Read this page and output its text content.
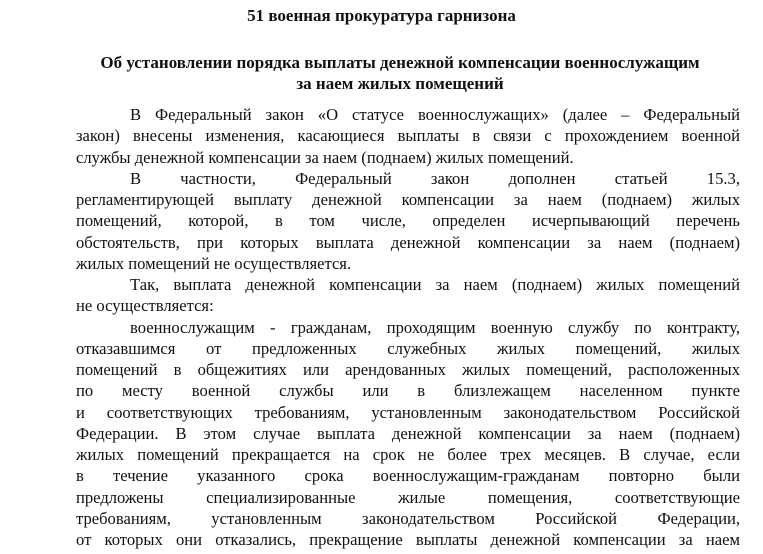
51 военная прокуратура гарнизона
Об установлении порядка выплаты денежной компенсации военнослужащим
за наем жилых помещений
В Федеральный закон «О статусе военнослужащих» (далее – Федеральный
закон) внесены изменения, касающиеся выплаты в связи с прохождением военной
службы денежной компенсации за наем (поднаем) жилых помещений.
В частности, Федеральный закон дополнен статьей 15.3,
регламентирующей выплату денежной компенсации за наем (поднаем) жилых
помещений, которой, в том числе, определен исчерпывающий перечень
обстоятельств, при которых выплата денежной компенсации за наем (поднаем)
жилых помещений не осуществляется.
Так, выплата денежной компенсации за наем (поднаем) жилых помещений
не осуществляется:
военнослужащим - гражданам, проходящим военную службу по контракту,
отказавшимся от предложенных служебных жилых помещений, жилых
помещений в общежитиях или арендованных жилых помещений, расположенных
по месту военной службы или в близлежащем населенном пункте
и соответствующих требованиям, установленным законодательством Российской
Федерации. В этом случае выплата денежной компенсации за наем (поднаем)
жилых помещений прекращается на срок не более трех месяцев. В случае, если
в течение указанного срока военнослужащим-гражданам повторно были
предложены специализированные жилые помещения, соответствующие
требованиям, установленным законодательством Российской Федерации,
от которых они отказались, прекращение выплаты денежной компенсации за наем
